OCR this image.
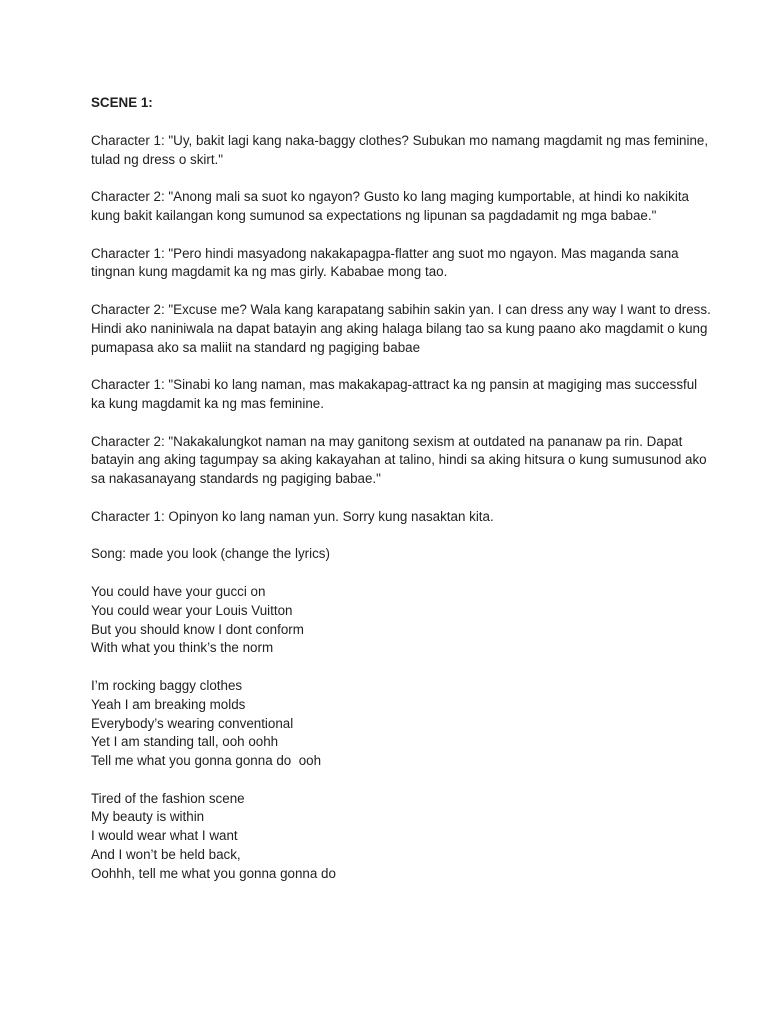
SCENE 1:
Character 1: "Uy, bakit lagi kang naka-baggy clothes? Subukan mo namang magdamit ng mas feminine, tulad ng dress o skirt."
Character 2: "Anong mali sa suot ko ngayon? Gusto ko lang maging kumportable, at hindi ko nakikita kung bakit kailangan kong sumunod sa expectations ng lipunan sa pagdadamit ng mga babae."
Character 1: "Pero hindi masyadong nakakapagpa-flatter ang suot mo ngayon. Mas maganda sana tingnan kung magdamit ka ng mas girly. Kababae mong tao.
Character 2: "Excuse me? Wala kang karapatang sabihin sakin yan. I can dress any way I want to dress. Hindi ako naniniwala na dapat batayin ang aking halaga bilang tao sa kung paano ako magdamit o kung pumapasa ako sa maliit na standard ng pagiging babae
Character 1: "Sinabi ko lang naman, mas makakapag-attract ka ng pansin at magiging mas successful ka kung magdamit ka ng mas feminine.
Character 2: "Nakakalungkot naman na may ganitong sexism at outdated na pananaw pa rin. Dapat batayin ang aking tagumpay sa aking kakayahan at talino, hindi sa aking hitsura o kung sumusunod ako sa nakasanayang standards ng pagiging babae."
Character 1: Opinyon ko lang naman yun. Sorry kung nasaktan kita.
Song: made you look (change the lyrics)
You could have your gucci on
You could wear your Louis Vuitton
But you should know I dont conform
With what you think’s the norm
I’m rocking baggy clothes
Yeah I am breaking molds
Everybody’s wearing conventional
Yet I am standing tall, ooh oohh
Tell me what you gonna gonna do  ooh
Tired of the fashion scene
My beauty is within
I would wear what I want
And I won’t be held back,
Oohhh, tell me what you gonna gonna do
